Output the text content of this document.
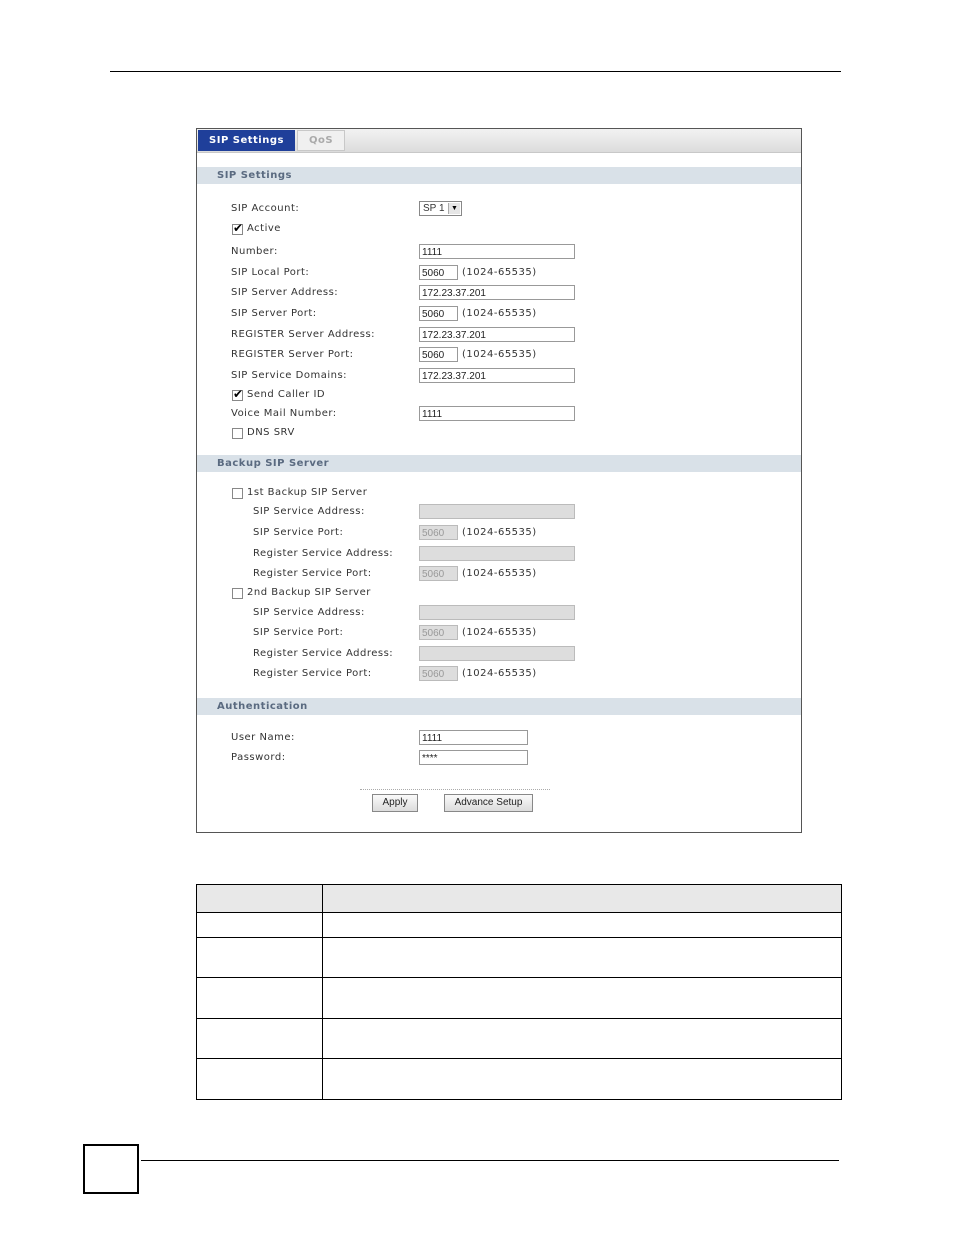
SIP Settings	QoS
SIP Settings
SIP Account:	SP 1 ▼
✔ Active
Number:	1111
SIP Local Port:	5060	(1024-65535)
SIP Server Address:	172.23.37.201
SIP Server Port:	5060	(1024-65535)
REGISTER Server Address:	172.23.37.201
REGISTER Server Port:	5060	(1024-65535)
SIP Service Domains:	172.23.37.201
✔ Send Caller ID
Voice Mail Number:	1111
DNS SRV
Backup SIP Server
1st Backup SIP Server
SIP Service Address:
SIP Service Port:	5060	(1024-65535)
Register Service Address:
Register Service Port:	5060	(1024-65535)
2nd Backup SIP Server
SIP Service Address:
SIP Service Port:	5060	(1024-65535)
Register Service Address:
Register Service Port:	5060	(1024-65535)
Authentication
User Name:	1111
Password:	****
Apply	Advance Setup
